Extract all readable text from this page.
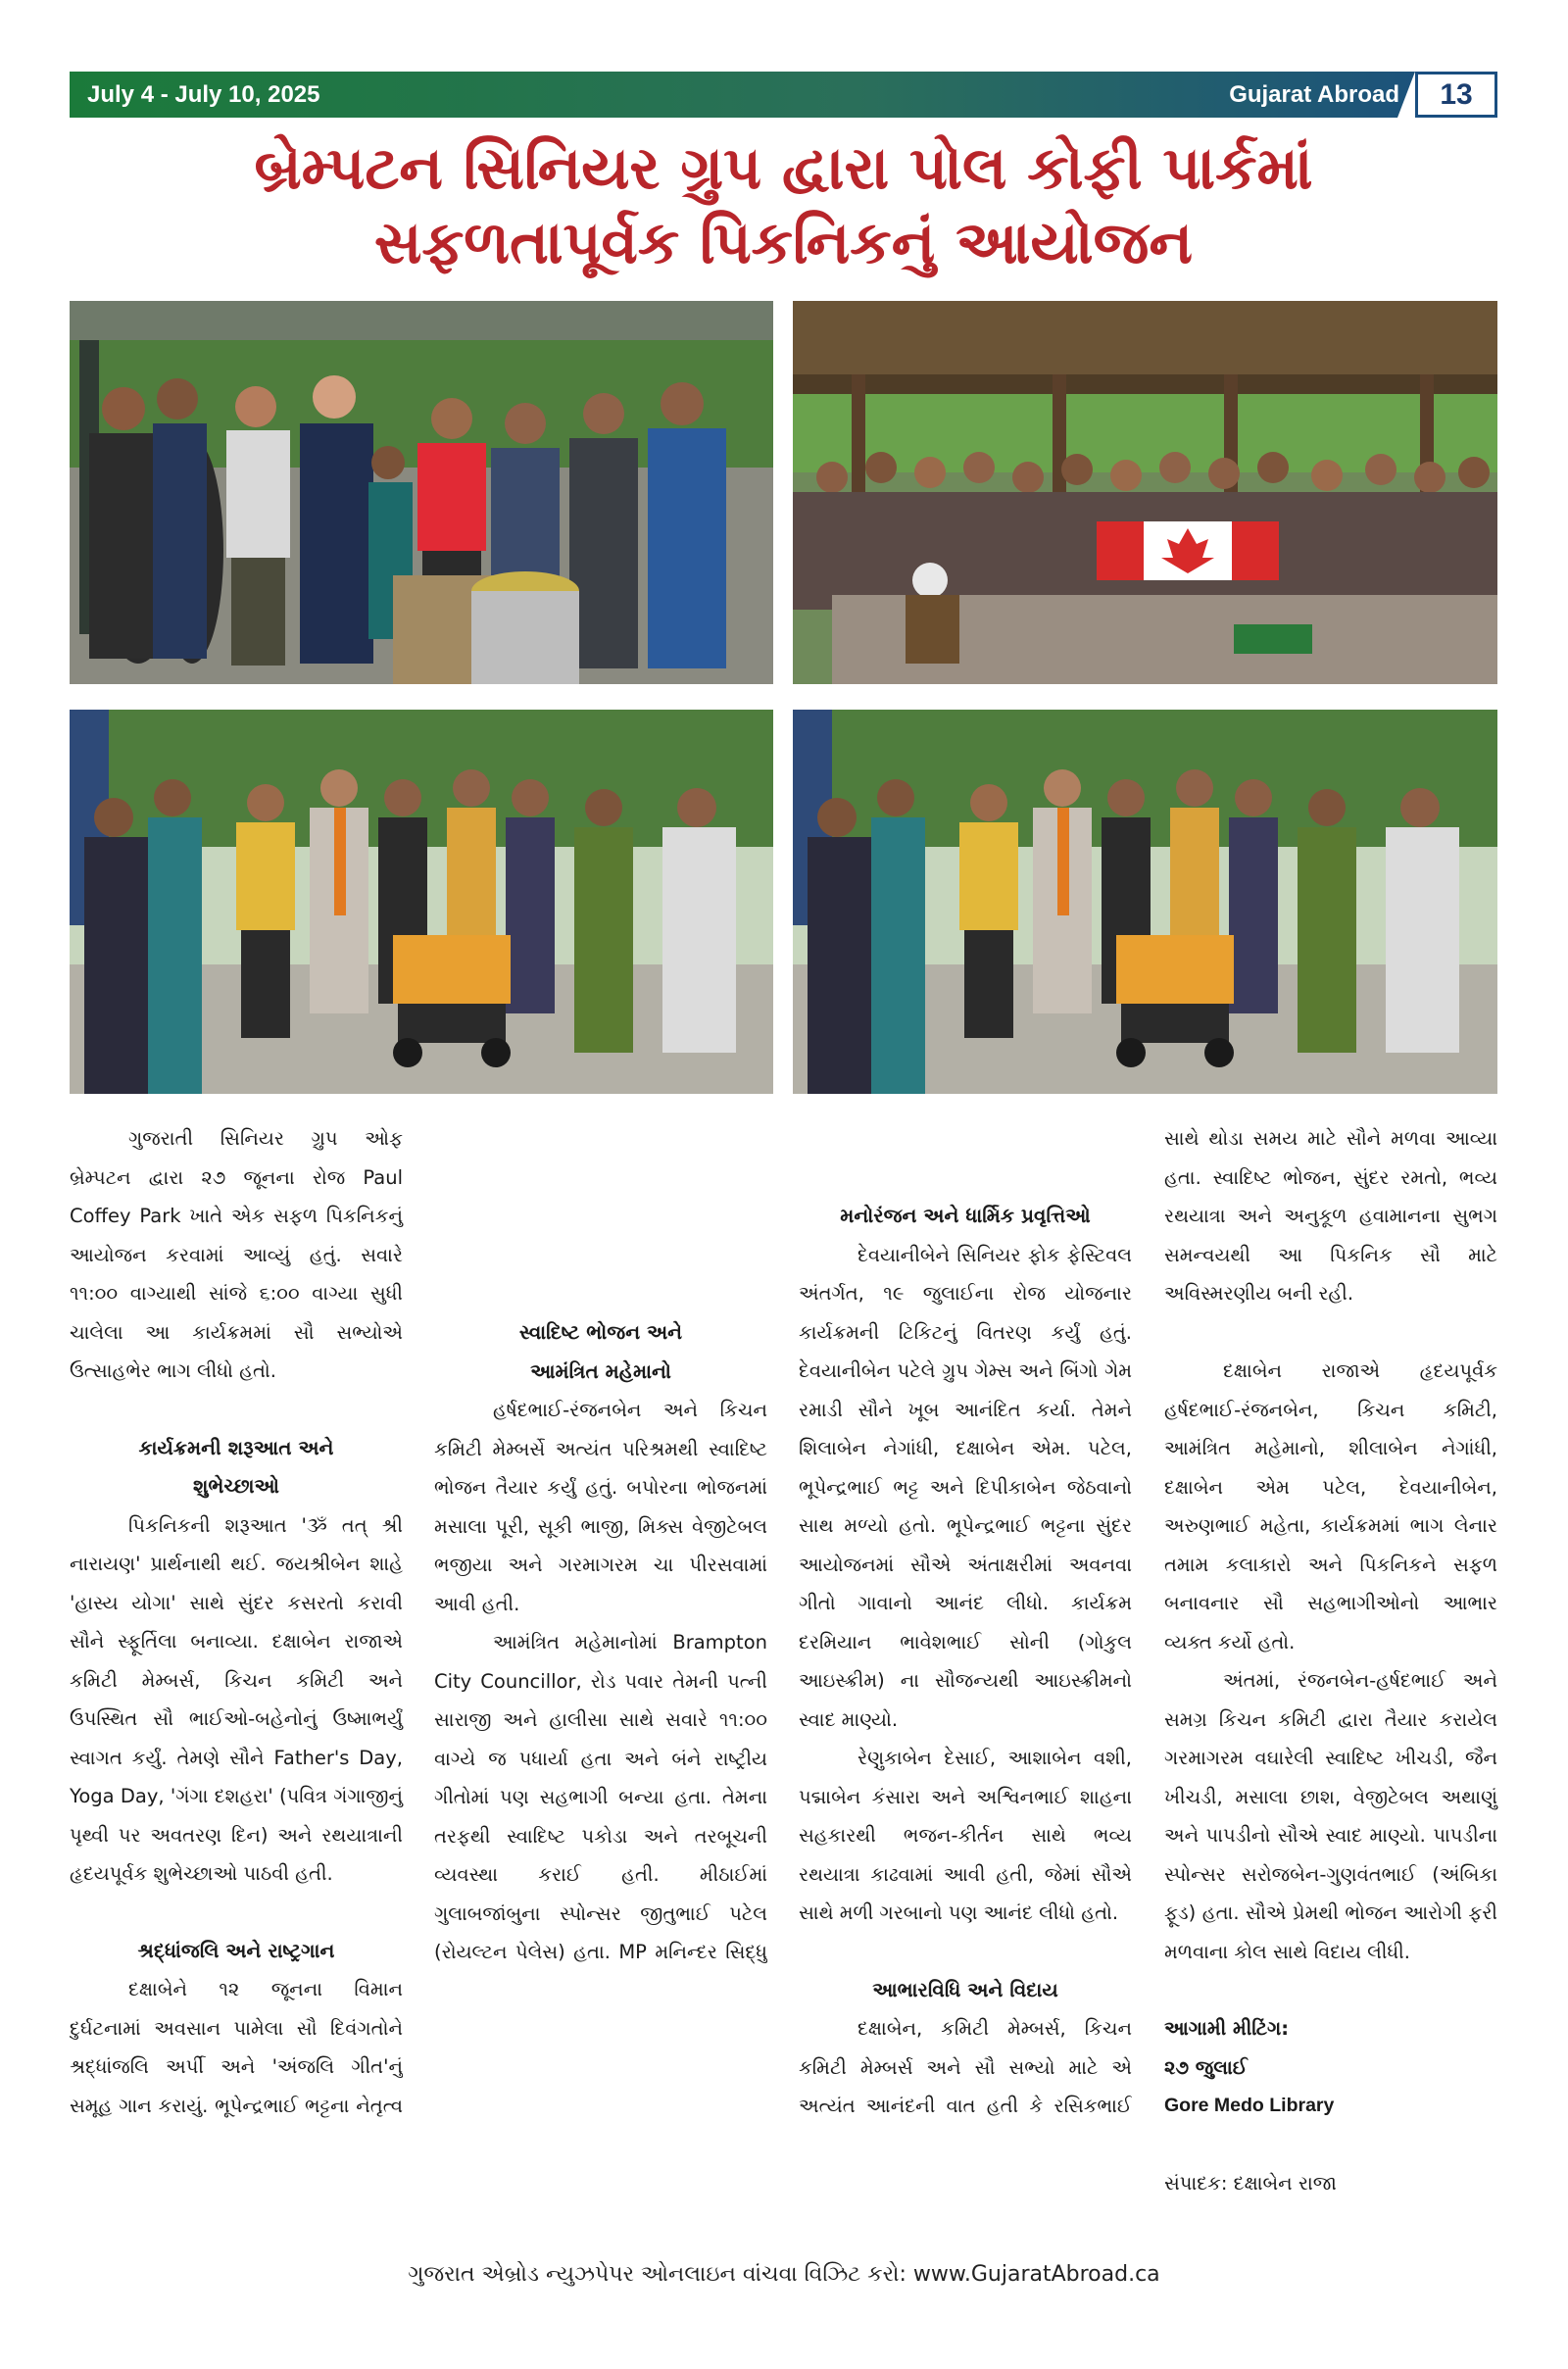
July 4 - July 10, 2025	Gujarat Abroad	13
બ્રેમ્પટન સિનિયર ગ્રુપ દ્વારા પોલ કોફી પાર્કમાં
સફળતાપૂર્વક પિકનિકનું આયોજન

ગુજરાતી સિનિયર ગ્રુપ ઓફ બ્રેમ્પટન દ્વારા ૨૭ જૂનના રોજ Paul Coffey Park ખાતે એક સફળ પિકનિકનું આયોજન કરવામાં આવ્યું હતું. સવારે ૧૧:૦૦ વાગ્યાથી સાંજે ૬:૦૦ વાગ્યા સુધી ચાલેલા આ કાર્યક્રમમાં સૌ સભ્યોએ ઉત્સાહભેર ભાગ લીધો હતો.

કાર્યક્રમની શરૂઆત અને
શુભેચ્છાઓ

પિકનિકની શરૂઆત 'ૐ તત્ શ્રી નારાયણ' પ્રાર્થનાથી થઈ. જયશ્રીબેન શાહે 'હાસ્ય યોગા' સાથે સુંદર કસરતો કરાવી સૌને સ્ફૂર્તિલા બનાવ્યા. દક્ષાબેન રાજાએ કમિટી મેમ્બર્સ, કિચન કમિટી અને ઉપસ્થિત સૌ ભાઈઓ-બહેનોનું ઉષ્માભર્યું સ્વાગત કર્યું. તેમણે સૌને Father's Day, Yoga Day, 'ગંગા દશહરા' (પવિત્ર ગંગાજીનું પૃથ્વી પર અવતરણ દિન) અને રથયાત્રાની હૃદયપૂર્વક શુભેચ્છાઓ પાઠવી હતી.

શ્રદ્ધાંજલિ અને રાષ્ટ્રગાન

દક્ષાબેને ૧૨ જૂનના વિમાન દુર્ઘટનામાં અવસાન પામેલા સૌ દિવંગતોને શ્રદ્ધાંજલિ અર્પી અને 'અંજલિ ગીત'નું સમૂહ ગાન કરાયું. ભૂપેન્દ્રભાઈ ભટ્ટના નેતૃત્વ

સ્વાદિષ્ટ ભોજન અને
આમંત્રિત મહેમાનો

હર્ષદભાઈ-રંજનબેન અને કિચન કમિટી મેમ્બર્સે અત્યંત પરિશ્રમથી સ્વાદિષ્ટ ભોજન તૈયાર કર્યું હતું. બપોરના ભોજનમાં મસાલા પૂરી, સૂકી ભાજી, મિક્સ વેજીટેબલ ભજીયા અને ગરમાગરમ ચા પીરસવામાં આવી હતી.

આમંત્રિત મહેમાનોમાં Brampton City Councillor, રોડ પવાર તેમની પત્ની સારાજી અને હાલીસા સાથે સવારે ૧૧:૦૦ વાગ્યે જ પધાર્યા હતા અને બંને રાષ્ટ્રીય ગીતોમાં પણ સહભાગી બન્યા હતા. તેમના તરફથી સ્વાદિષ્ટ પકોડા અને તરબૂચની વ્યવસ્થા કરાઈ હતી. મીઠાઈમાં ગુલાબજાંબુના સ્પોન્સર જીતુભાઈ પટેલ (રોયલ્ટન પેલેસ) હતા. MP મનિન્દર સિદ્ધુ

મનોરંજન અને ધાર્મિક પ્રવૃત્તિઓ

દેવયાનીબેને સિનિયર ફોક ફેસ્ટિવલ અંતર્ગત, ૧૯ જુલાઈના રોજ યોજનાર કાર્યક્રમની ટિકિટનું વિતરણ કર્યું હતું. દેવયાનીબેન પટેલે ગ્રુપ ગેમ્સ અને બિંગો ગેમ રમાડી સૌને ખૂબ આનંદિત કર્યા. તેમને શિલાબેન નેગાંધી, દક્ષાબેન એમ. પટેલ, ભૂપેન્દ્રભાઈ ભટ્ટ અને દિપીકાબેન જેઠવાનો સાથ મળ્યો હતો. ભૂપેન્દ્રભાઈ ભટ્ટના સુંદર આયોજનમાં સૌએ અંતાક્ષરીમાં અવનવા ગીતો ગાવાનો આનંદ લીધો. કાર્યક્રમ દરમિયાન ભાવેશભાઈ સોની (ગોકુલ આઇસ્ક્રીમ) ના સૌજન્યથી આઇસ્ક્રીમનો સ્વાદ માણ્યો.

રેણુકાબેન દેસાઈ, આશાબેન વશી, પદ્માબેન કંસારા અને અશ્વિનભાઈ શાહના સહકારથી ભજન-કીર્તન સાથે ભવ્ય રથયાત્રા કાઢવામાં આવી હતી, જેમાં સૌએ સાથે મળી ગરબાનો પણ આનંદ લીધો હતો.

આભારવિધિ અને વિદાય

દક્ષાબેન, કમિટી મેમ્બર્સ, કિચન કમિટી મેમ્બર્સ અને સૌ સભ્યો માટે એ અત્યંત આનંદની વાત હતી કે રસિકભાઈ

સાથે થોડા સમય માટે સૌને મળવા આવ્યા હતા. સ્વાદિષ્ટ ભોજન, સુંદર રમતો, ભવ્ય રથયાત્રા અને અનુકૂળ હવામાનના સુભગ સમન્વયથી આ પિકનિક સૌ માટે અવિસ્મરણીય બની રહી.

દક્ષાબેન રાજાએ હૃદયપૂર્વક હર્ષદભાઈ-રંજનબેન, કિચન કમિટી, આમંત્રિત મહેમાનો, શીલાબેન નેગાંધી, દક્ષાબેન એમ પટેલ, દેવયાનીબેન, અરુણભાઈ મહેતા, કાર્યક્રમમાં ભાગ લેનાર તમામ કલાકારો અને પિકનિકને સફળ બનાવનાર સૌ સહભાગીઓનો આભાર વ્યક્ત કર્યો હતો.

અંતમાં, રંજનબેન-હર્ષદભાઈ અને સમગ્ર કિચન કમિટી દ્વારા તૈયાર કરાયેલ ગરમાગરમ વઘારેલી સ્વાદિષ્ટ ખીચડી, જૈન ખીચડી, મસાલા છાશ, વેજીટેબલ અથાણું અને પાપડીનો સૌએ સ્વાદ માણ્યો. પાપડીના સ્પોન્સર સરોજબેન-ગુણવંતભાઈ (અંબિકા ફૂડ) હતા. સૌએ પ્રેમથી ભોજન આરોગી ફરી મળવાના કોલ સાથે વિદાય લીધી.

આગામી મીટિંગ:
૨૭ જુલાઈ
Gore Medo Library
સંપાદક: દક્ષાબેન રાજા
ગુજરાત એબ્રોડ ન્યુઝપેપર ઓનલાઇન વાંચવા વિઝિટ કરો: www.GujaratAbroad.ca
